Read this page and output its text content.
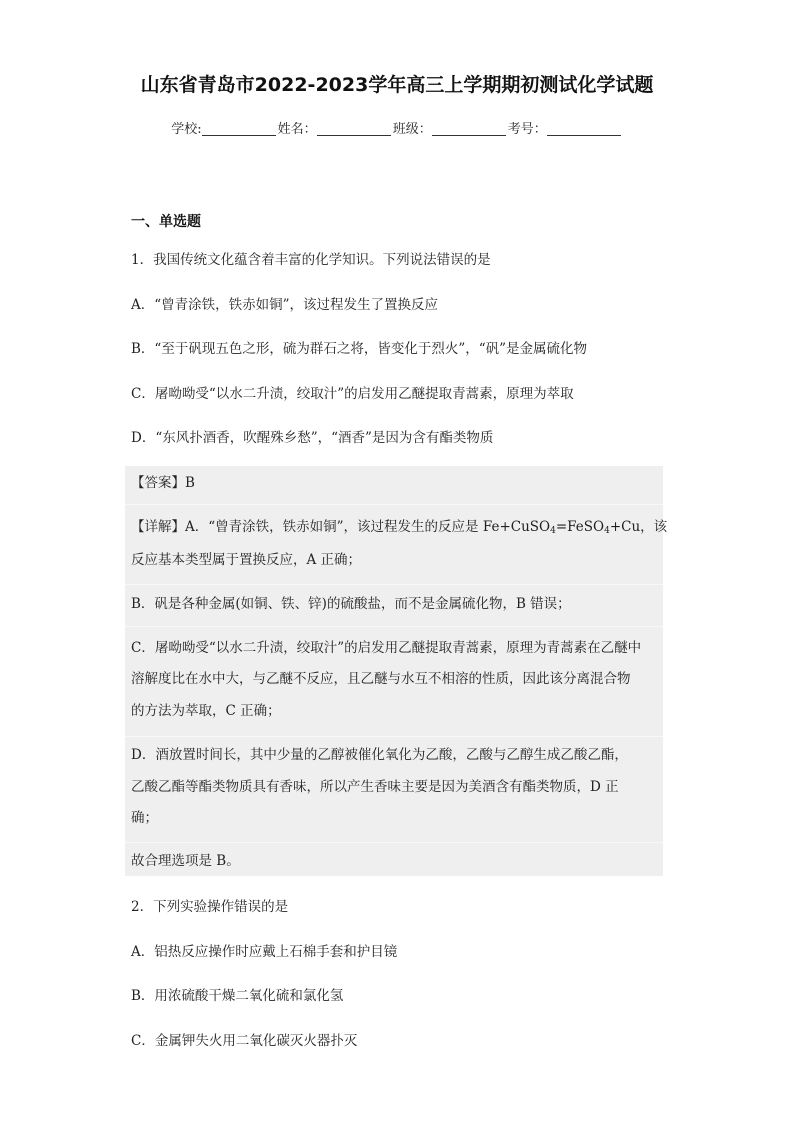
山东省青岛市2022-2023学年高三上学期期初测试化学试题
学校:	姓名：	班级：	考号：
一、单选题
1．我国传统文化蕴含着丰富的化学知识。下列说法错误的是
A．“曾青涂铁，铁赤如铜”，该过程发生了置换反应
B．“至于矾现五色之形，硫为群石之将，皆变化于烈火”，“矾”是金属硫化物
C．屠呦呦受“以水二升渍，绞取汁”的启发用乙醚提取青蒿素，原理为萃取
D．“东风扑酒香，吹醒殊乡愁”，“酒香”是因为含有酯类物质
【答案】B
【详解】A．“曾青涂铁，铁赤如铜”，该过程发生的反应是 Fe+CuSO$_4$=FeSO$_4$+Cu，该
反应基本类型属于置换反应，A 正确；
B．矾是各种金属(如铜、铁、锌)的硫酸盐，而不是金属硫化物，B 错误；
C．屠呦呦受“以水二升渍，绞取汁”的启发用乙醚提取青蒿素，原理为青蒿素在乙醚中
溶解度比在水中大，与乙醚不反应，且乙醚与水互不相溶的性质，因此该分离混合物
的方法为萃取，C 正确；
D．酒放置时间长，其中少量的乙醇被催化氧化为乙酸，乙酸与乙醇生成乙酸乙酯，
乙酸乙酯等酯类物质具有香味，所以产生香味主要是因为美酒含有酯类物质，D 正
确；
故合理选项是 B。
2．下列实验操作错误的是
A．铝热反应操作时应戴上石棉手套和护目镜
B．用浓硫酸干燥二氧化硫和氯化氢
C．金属钾失火用二氧化碳灭火器扑灭
